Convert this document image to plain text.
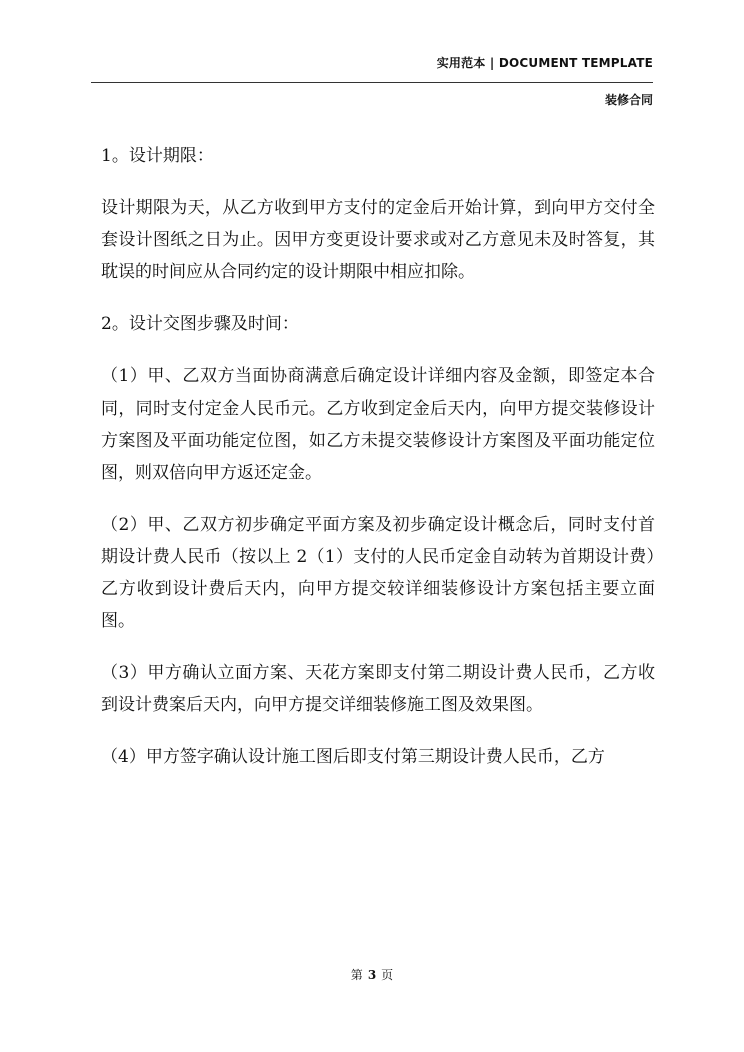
实用范本 | DOCUMENT TEMPLATE
装修合同

1。设计期限：

设计期限为天，从乙方收到甲方支付的定金后开始计算，到向甲方交付全套设计图纸之日为止。因甲方变更设计要求或对乙方意见未及时答复，其耽误的时间应从合同约定的设计期限中相应扣除。

2。设计交图步骤及时间：

（1）甲、乙双方当面协商满意后确定设计详细内容及金额，即签定本合同，同时支付定金人民币元。乙方收到定金后天内，向甲方提交装修设计方案图及平面功能定位图，如乙方未提交装修设计方案图及平面功能定位图，则双倍向甲方返还定金。

（2）甲、乙双方初步确定平面方案及初步确定设计概念后，同时支付首期设计费人民币（按以上 2（1）支付的人民币定金自动转为首期设计费）乙方收到设计费后天内，向甲方提交较详细装修设计方案包括主要立面图。

（3）甲方确认立面方案、天花方案即支付第二期设计费人民币，乙方收到设计费案后天内，向甲方提交详细装修施工图及效果图。

（4）甲方签字确认设计施工图后即支付第三期设计费人民币，乙方

第 3 页
